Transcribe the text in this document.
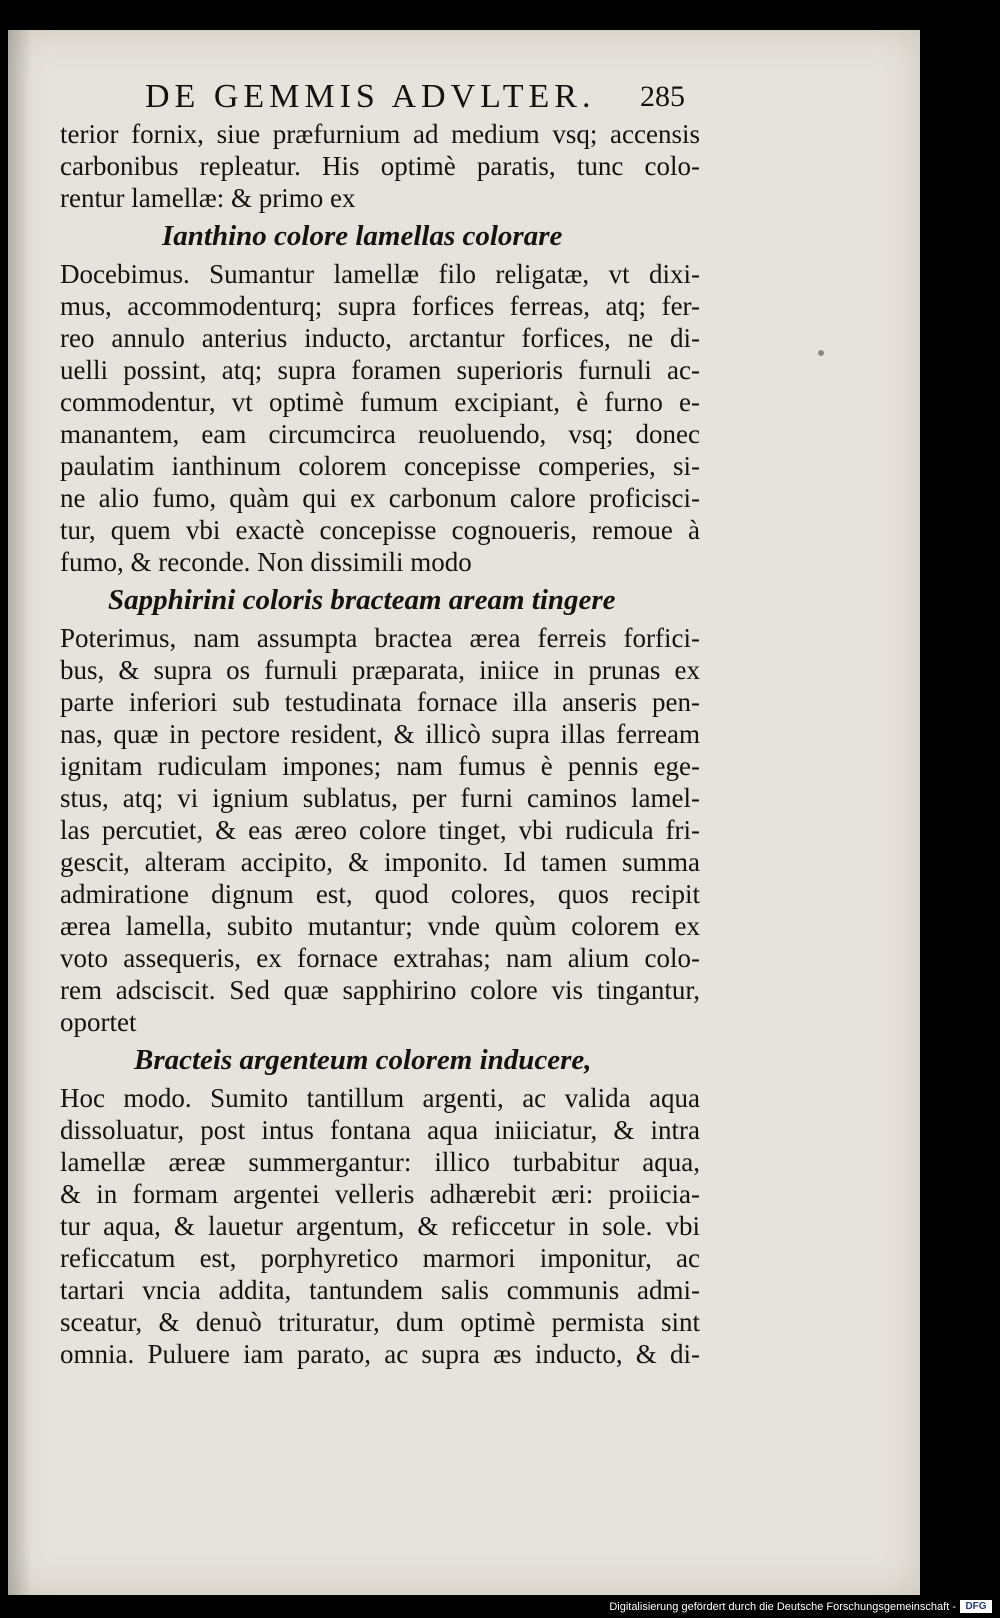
DE GEMMIS ADVLTER.	285
terior fornix, siue præfurnium ad medium vsq; accensis
carbonibus repleatur. His optimè paratis, tunc colo-
rentur lamellæ: & primo ex
Ianthino colore lamellas colorare
Docebimus. Sumantur lamellæ filo religatæ, vt dixi-
mus, accommodenturq; supra forfices ferreas, atq; fer-
reo annulo anterius inducto, arctantur forfices, ne di-
uelli possint, atq; supra foramen superioris furnuli ac-
commodentur, vt optimè fumum excipiant, è furno e-
manantem, eam circumcirca reuoluendo, vsq; donec
paulatim ianthinum colorem concepisse comperies, si-
ne alio fumo, quàm qui ex carbonum calore proficisci-
tur, quem vbi exactè concepisse cognoueris, remoue à
fumo, & reconde. Non dissimili modo
Sapphirini coloris bracteam aream tingere
Poterimus, nam assumpta bractea ærea ferreis forfici-
bus, & supra os furnuli præparata, iniice in prunas ex
parte inferiori sub testudinata fornace illa anseris pen-
nas, quæ in pectore resident, & illicò supra illas ferream
ignitam rudiculam impones; nam fumus è pennis ege-
stus, atq; vi ignium sublatus, per furni caminos lamel-
las percutiet, & eas æreo colore tinget, vbi rudicula fri-
gescit, alteram accipito, & imponito. Id tamen summa
admiratione dignum est, quod colores, quos recipit
ærea lamella, subito mutantur; vnde quùm colorem ex
voto assequeris, ex fornace extrahas; nam alium colo-
rem adsciscit. Sed quæ sapphirino colore vis tingantur,
oportet
Bracteis argenteum colorem inducere,
Hoc modo. Sumito tantillum argenti, ac valida aqua
dissoluatur, post intus fontana aqua iniiciatur, & intra
lamellæ æreæ summergantur: illico turbabitur aqua,
& in formam argentei velleris adhærebit æri: proiicia-
tur aqua, & lauetur argentum, & reficcetur in sole. vbi
reficcatum est, porphyretico marmori imponitur, ac
tartari vncia addita, tantundem salis communis admi-
sceatur, & denuò trituratur, dum optimè permista sint
omnia. Puluere iam parato, ac supra æs inducto, & di-
Digitalisierung gefördert durch die Deutsche Forschungsgemeinschaft - DFG
